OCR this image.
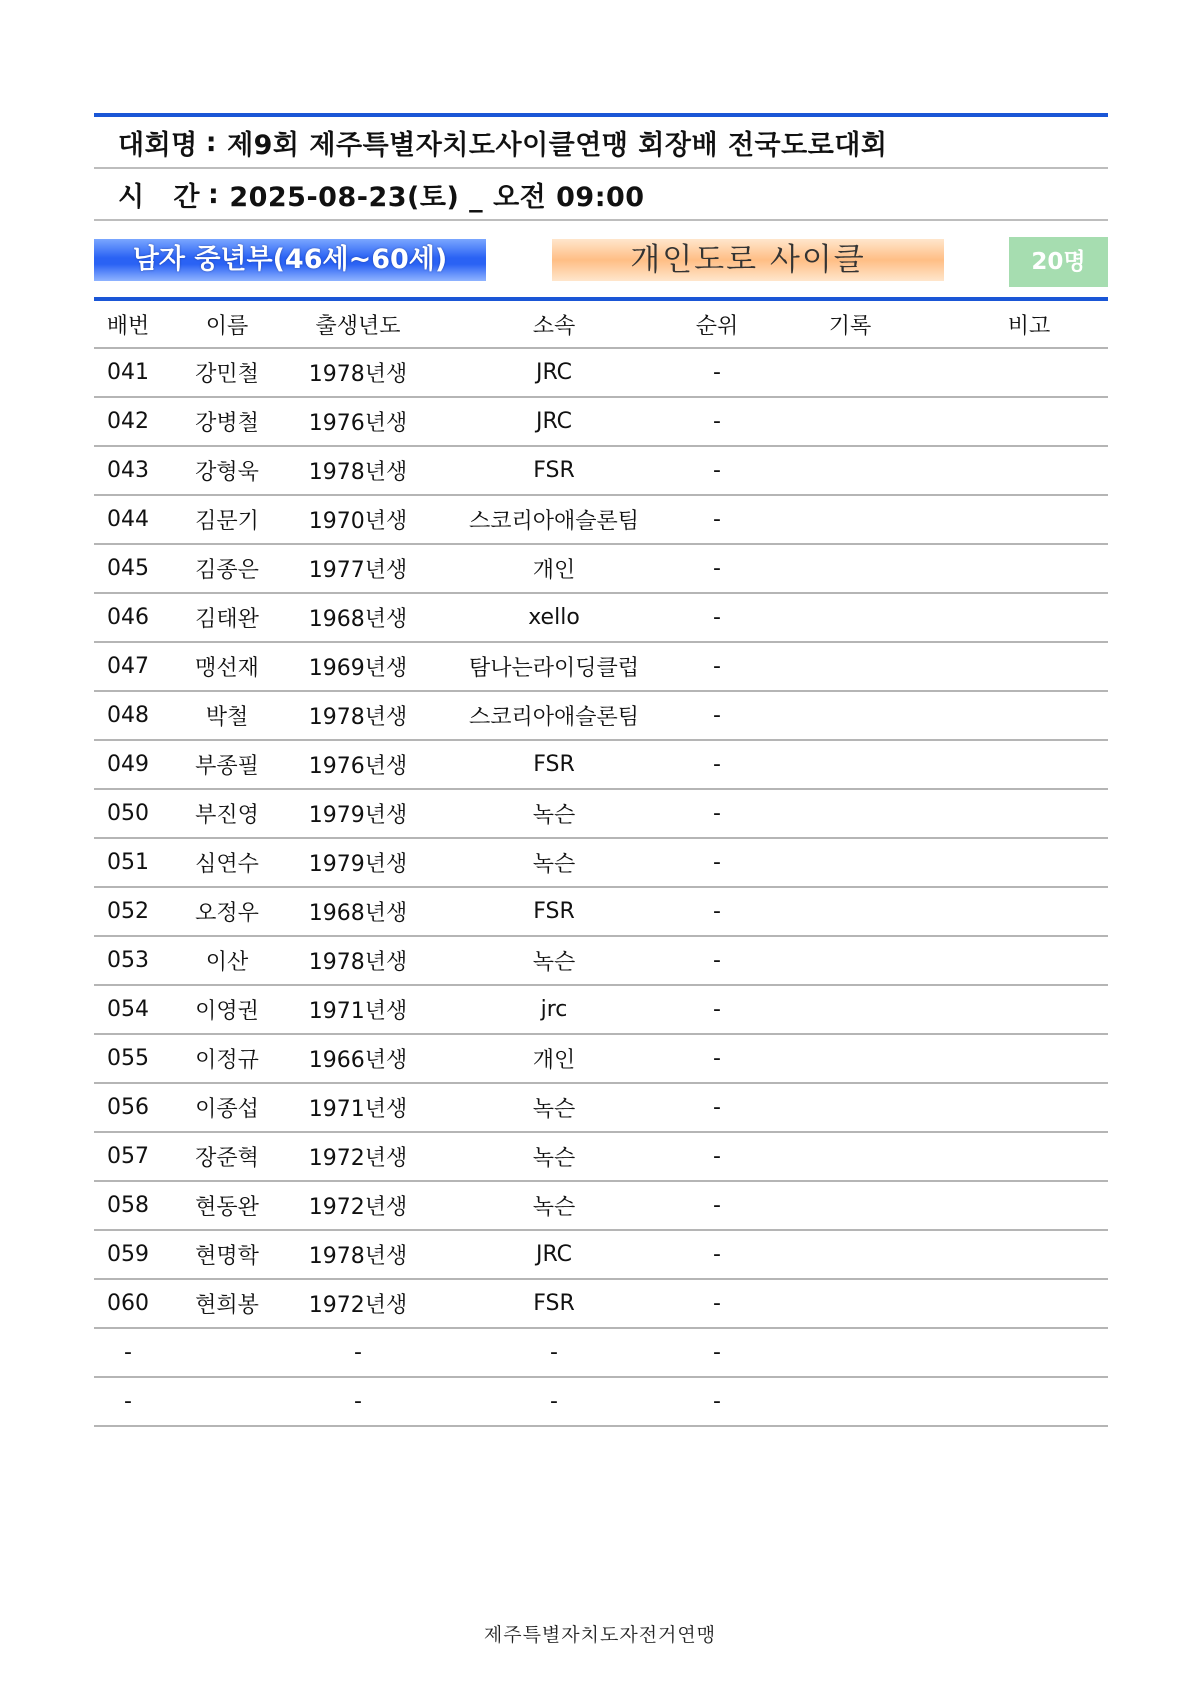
대회명 : 제9회 제주특별자치도사이클연맹 회장배 전국도로대회
시 간 : 2025-08-23(토) _ 오전 09:00
남자 중년부(46세~60세)	개인도로 사이클	20명
배번	이름	출생년도	소속	순위	기록	비고
041	강민철	1978년생	JRC	-		
042	강병철	1976년생	JRC	-		
043	강형욱	1978년생	FSR	-		
044	김문기	1970년생	스코리아애슬론팀	-		
045	김종은	1977년생	개인	-		
046	김태완	1968년생	xello	-		
047	맹선재	1969년생	탐나는라이딩클럽	-		
048	박철	1978년생	스코리아애슬론팀	-		
049	부종필	1976년생	FSR	-		
050	부진영	1979년생	녹슨	-		
051	심연수	1979년생	녹슨	-		
052	오정우	1968년생	FSR	-		
053	이산	1978년생	녹슨	-		
054	이영권	1971년생	jrc	-		
055	이정규	1966년생	개인	-		
056	이종섭	1971년생	녹슨	-		
057	장준혁	1972년생	녹슨	-		
058	현동완	1972년생	녹슨	-		
059	현명학	1978년생	JRC	-		
060	현희봉	1972년생	FSR	-		
-		-	-	-		
-		-	-	-		
제주특별자치도자전거연맹
